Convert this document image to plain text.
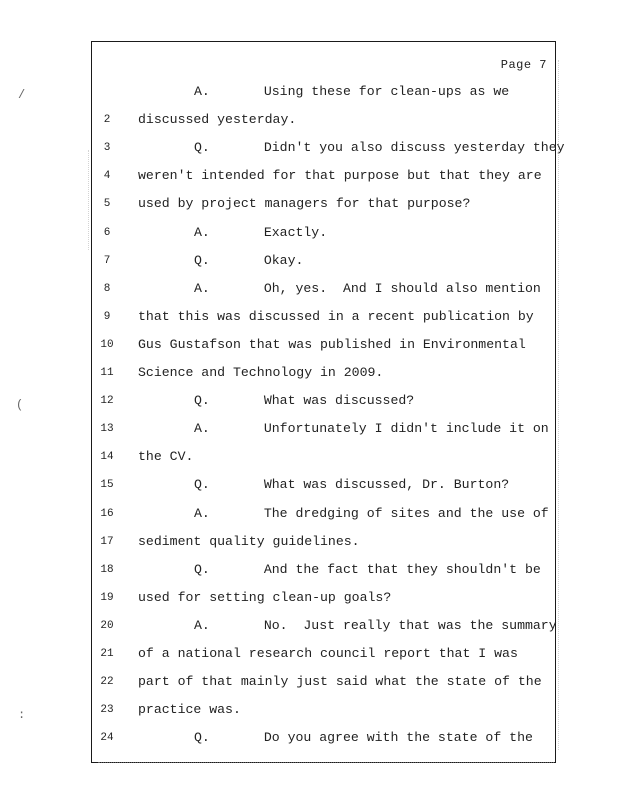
Page 7
A.	Using these for clean-ups as we
2	discussed yesterday.
3	Q.	Didn't you also discuss yesterday they
4	weren't intended for that purpose but that they are
5	used by project managers for that purpose?
6	A.	Exactly.
7	Q.	Okay.
8	A.	Oh, yes.  And I should also mention
9	that this was discussed in a recent publication by
10 Gus Gustafson that was published in Environmental
11 Science and Technology in 2009.
12	Q.	What was discussed?
13	A.	Unfortunately I didn't include it on
14 the CV.
15	Q.	What was discussed, Dr. Burton?
16	A.	The dredging of sites and the use of
17 sediment quality guidelines.
18	Q.	And the fact that they shouldn't be
19 used for setting clean-up goals?
20	A.	No.  Just really that was the summary
21 of a national research council report that I was
22 part of that mainly just said what the state of the
23 practice was.
24	Q.	Do you agree with the state of the
/
(
:
